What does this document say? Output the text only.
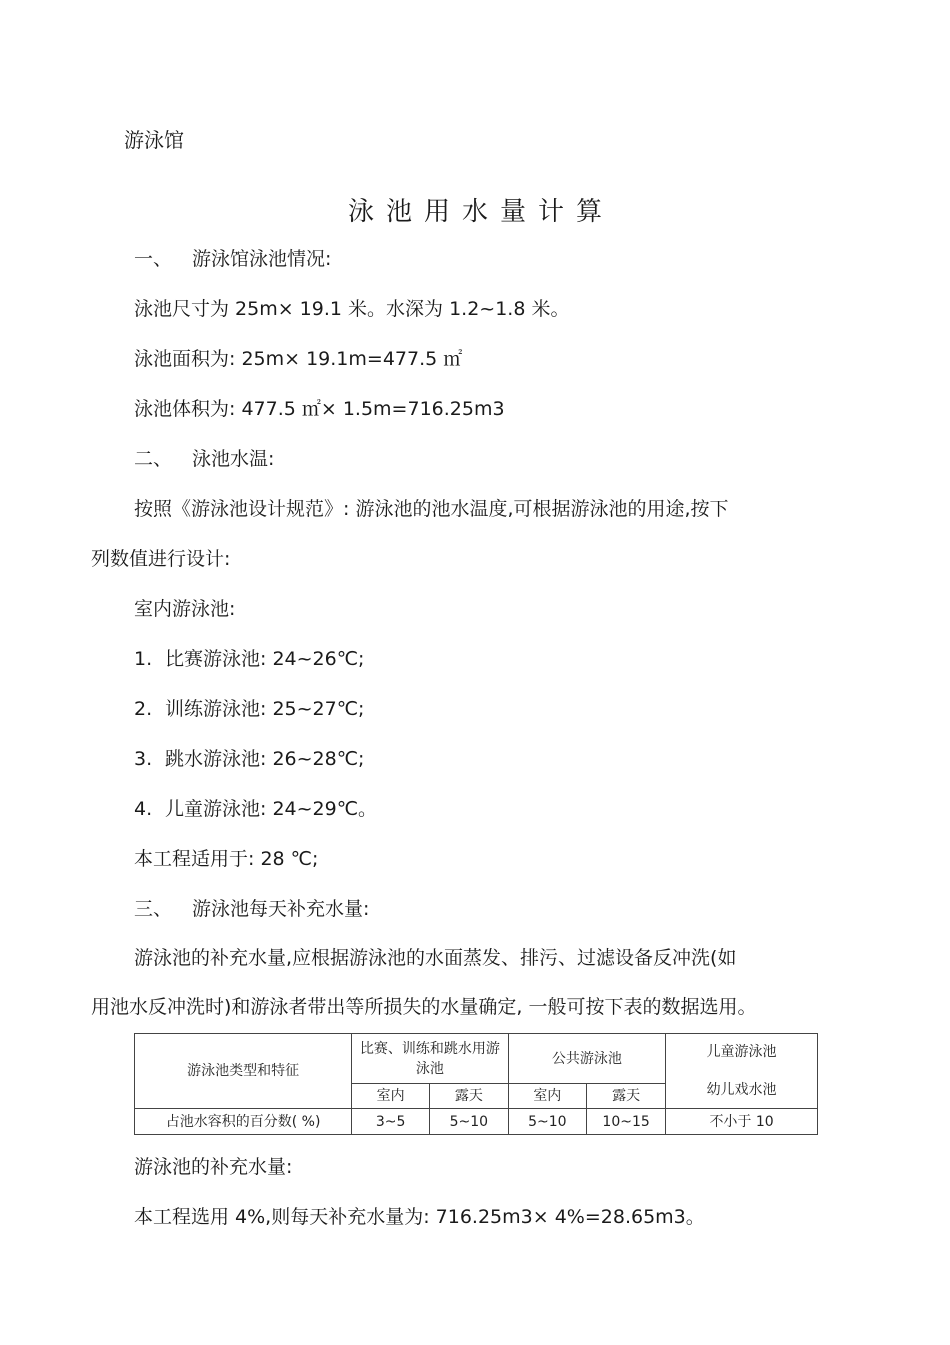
游泳馆
泳池用水量计算
一、 游泳馆泳池情况:
泳池尺寸为 25m× 19.1 米。水深为 1.2~1.8 米。
泳池面积为: 25m× 19.1m=477.5 ㎡
泳池体积为: 477.5 ㎡× 1.5m=716.25m3
二、 泳池水温:
按照《游泳池设计规范》: 游泳池的池水温度,可根据游泳池的用途,按下
列数值进行设计:
室内游泳池:
1. 比赛游泳池: 24~26℃;
2. 训练游泳池: 25~27℃;
3. 跳水游泳池: 26~28℃;
4. 儿童游泳池: 24~29℃。
本工程适用于: 28 ℃;
三、 游泳池每天补充水量:
游泳池的补充水量,应根据游泳池的水面蒸发、排污、过滤设备反冲洗(如
用池水反冲洗时)和游泳者带出等所损失的水量确定, 一般可按下表的数据选用。
游泳池类型和特征	比赛、训练和跳水用游泳池		公共游泳池		儿童游泳池
幼儿戏水池

	室内	露天	室内	露天	
占池水容积的百分数( %)	3~5	5~10	5~10	10~15	不小于 10
游泳池的补充水量:
本工程选用 4%,则每天补充水量为: 716.25m3× 4%=28.65m3。
